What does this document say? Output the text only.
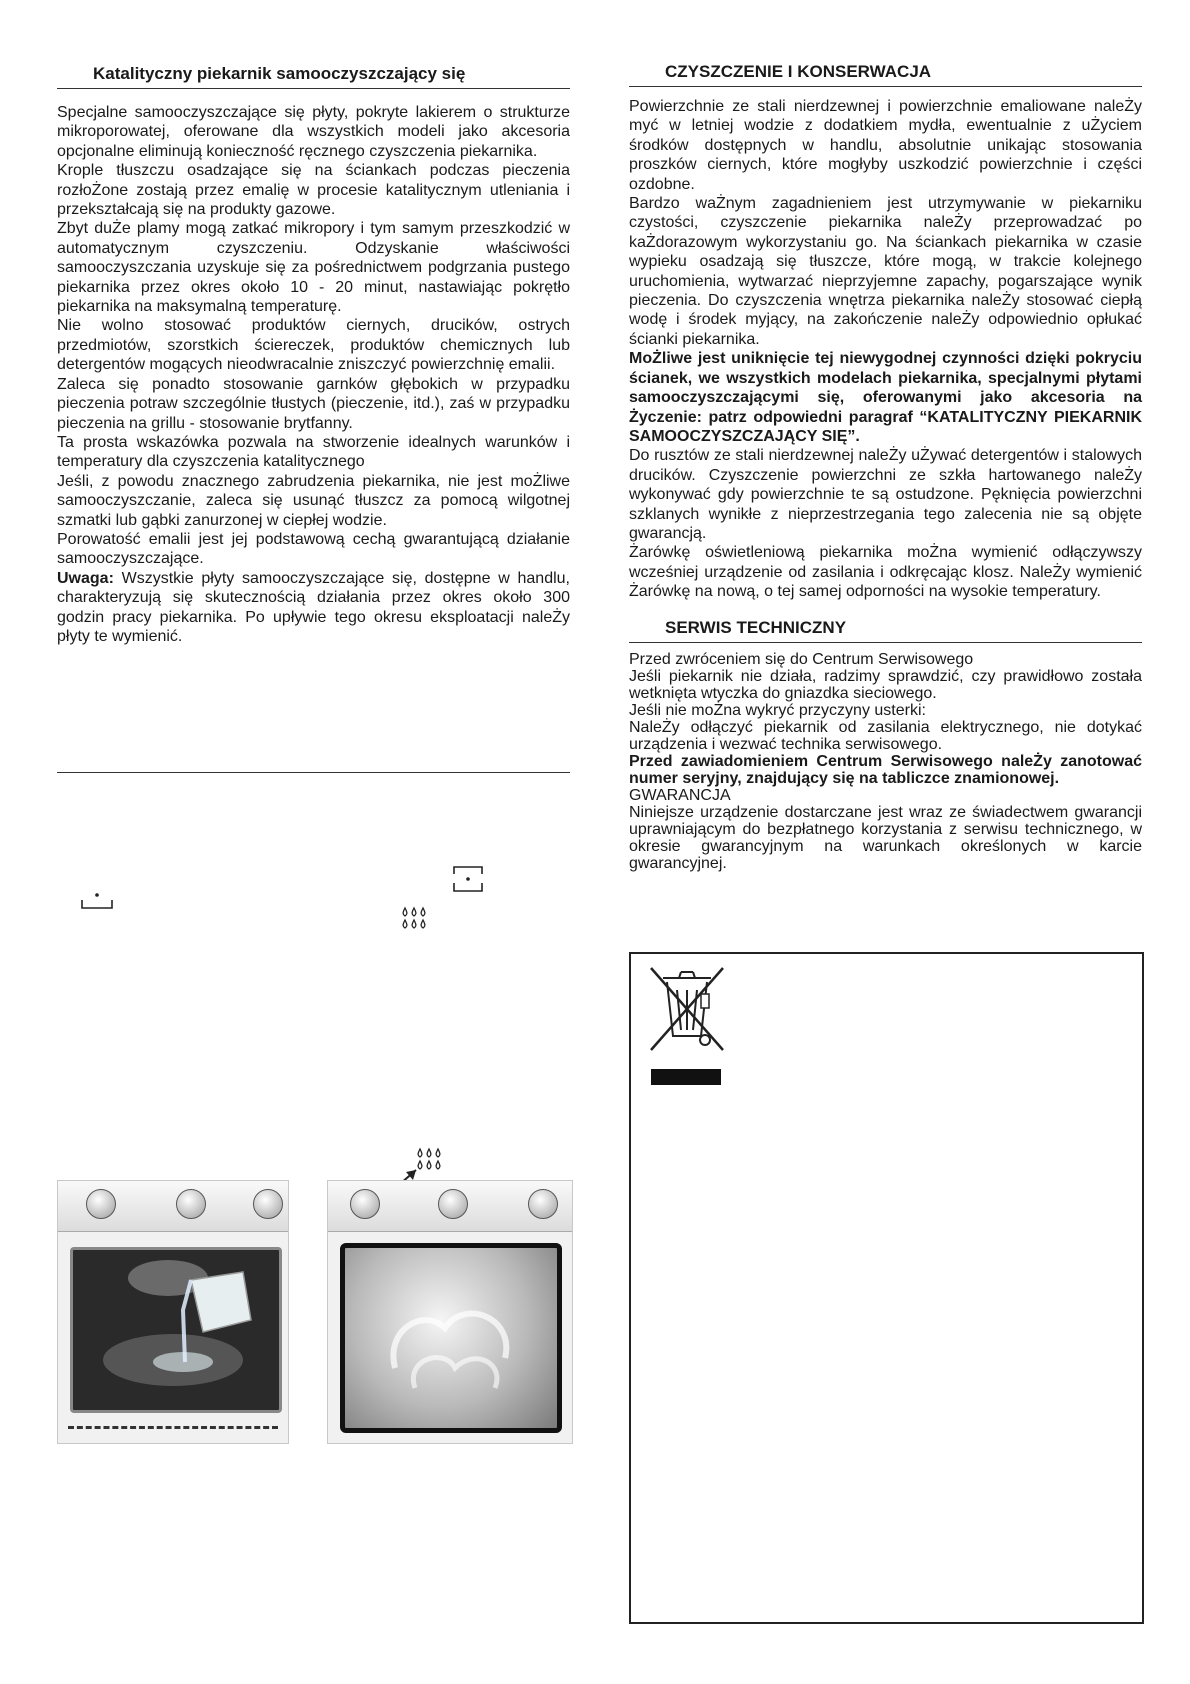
Katalityczny piekarnik samooczyszczający się

Specjalne samooczyszczające się płyty, pokryte lakierem o strukturze mikroporowatej, oferowane dla wszystkich modeli jako akcesoria opcjonalne eliminują konieczność ręcznego czyszczenia piekarnika.

Krople tłuszczu osadzające się na ściankach podczas pieczenia rozłoŻone zostają przez emalię w procesie katalitycznym utleniania i przekształcają się na produkty gazowe.

Zbyt duŻe plamy mogą zatkać mikropory i tym samym przeszkodzić w automatycznym czyszczeniu. Odzyskanie właściwości samooczyszczania uzyskuje się za pośrednictwem podgrzania pustego piekarnika przez okres około 10 - 20 minut, nastawiając pokrętło piekarnika na maksymalną temperaturę.

Nie wolno stosować produktów ciernych, drucików, ostrych przedmiotów, szorstkich ściereczek, produktów chemicznych lub detergentów mogących nieodwracalnie zniszczyć powierzchnię emalii.

Zaleca się ponadto stosowanie garnków głębokich w przypadku pieczenia potraw szczególnie tłustych (pieczenie, itd.), zaś w przypadku pieczenia na grillu - stosowanie brytfanny.

Ta prosta wskazówka pozwala na stworzenie idealnych warunków i temperatury dla czyszczenia katalitycznego

Jeśli, z powodu znacznego zabrudzenia piekarnika, nie jest moŻliwe samooczyszczanie, zaleca się usunąć tłuszcz za pomocą wilgotnej szmatki lub gąbki zanurzonej w ciepłej wodzie.

Porowatość emalii jest jej podstawową cechą gwarantującą działanie samooczyszczające.

Uwaga: Wszystkie płyty samooczyszczające się, dostępne w handlu, charakteryzują się skutecznością działania przez okres około 300 godzin pracy piekarnika. Po upływie tego okresu eksploatacji naleŻy płyty te wymienić.

CZYSZCZENIE I KONSERWACJA

Powierzchnie ze stali nierdzewnej i powierzchnie emaliowane naleŻy myć w letniej wodzie z dodatkiem mydła, ewentualnie z uŻyciem środków dostępnych w handlu, absolutnie unikając stosowania proszków ciernych, które mogłyby uszkodzić powierzchnie i części ozdobne.

Bardzo waŻnym zagadnieniem jest utrzymywanie w piekarniku czystości, czyszczenie piekarnika naleŻy przeprowadzać po kaŻdorazowym wykorzystaniu go. Na ściankach piekarnika w czasie wypieku osadzają się tłuszcze, które mogą, w trakcie kolejnego uruchomienia, wytwarzać nieprzyjemne zapachy, pogarszające wynik pieczenia. Do czyszczenia wnętrza piekarnika naleŻy stosować ciepłą wodę i środek myjący, na zakończenie naleŻy odpowiednio opłukać ścianki piekarnika.

MoŻliwe jest uniknięcie tej niewygodnej czynności dzięki pokryciu ścianek, we wszystkich modelach piekarnika, specjalnymi płytami samooczyszczającymi się, oferowanymi jako akcesoria na Życzenie: patrz odpowiedni paragraf “KATALITYCZNY PIEKARNIK SAMOOCZYSZCZAJĄCY SIĘ”.

Do rusztów ze stali nierdzewnej naleŻy uŻywać detergentów i stalowych drucików. Czyszczenie powierzchni ze szkła hartowanego naleŻy wykonywać gdy powierzchnie te są ostudzone. Pęknięcia powierzchni szklanych wynikłe z nieprzestrzegania tego zalecenia nie są objęte gwarancją.

Żarówkę oświetleniową piekarnika moŻna wymienić odłączywszy wcześniej urządzenie od zasilania i odkręcając klosz. NaleŻy wymienić Żarówkę na nową, o tej samej odporności na wysokie temperatury.

SERWIS TECHNICZNY

Przed zwróceniem się do Centrum Serwisowego

Jeśli piekarnik nie działa, radzimy sprawdzić, czy prawidłowo została wetknięta wtyczka do gniazdka sieciowego.

Jeśli nie moŻna wykryć przyczyny usterki:

NaleŻy odłączyć piekarnik od zasilania elektrycznego, nie dotykać urządzenia i wezwać technika serwisowego.

Przed zawiadomieniem Centrum Serwisowego naleŻy zanotować numer seryjny, znajdujący się na tabliczce znamionowej.

GWARANCJA

Niniejsze urządzenie dostarczane jest wraz ze świadectwem gwarancji uprawniającym do bezpłatnego korzystania z serwisu technicznego, w okresie gwarancyjnym na warunkach określonych w karcie gwarancyjnej.
